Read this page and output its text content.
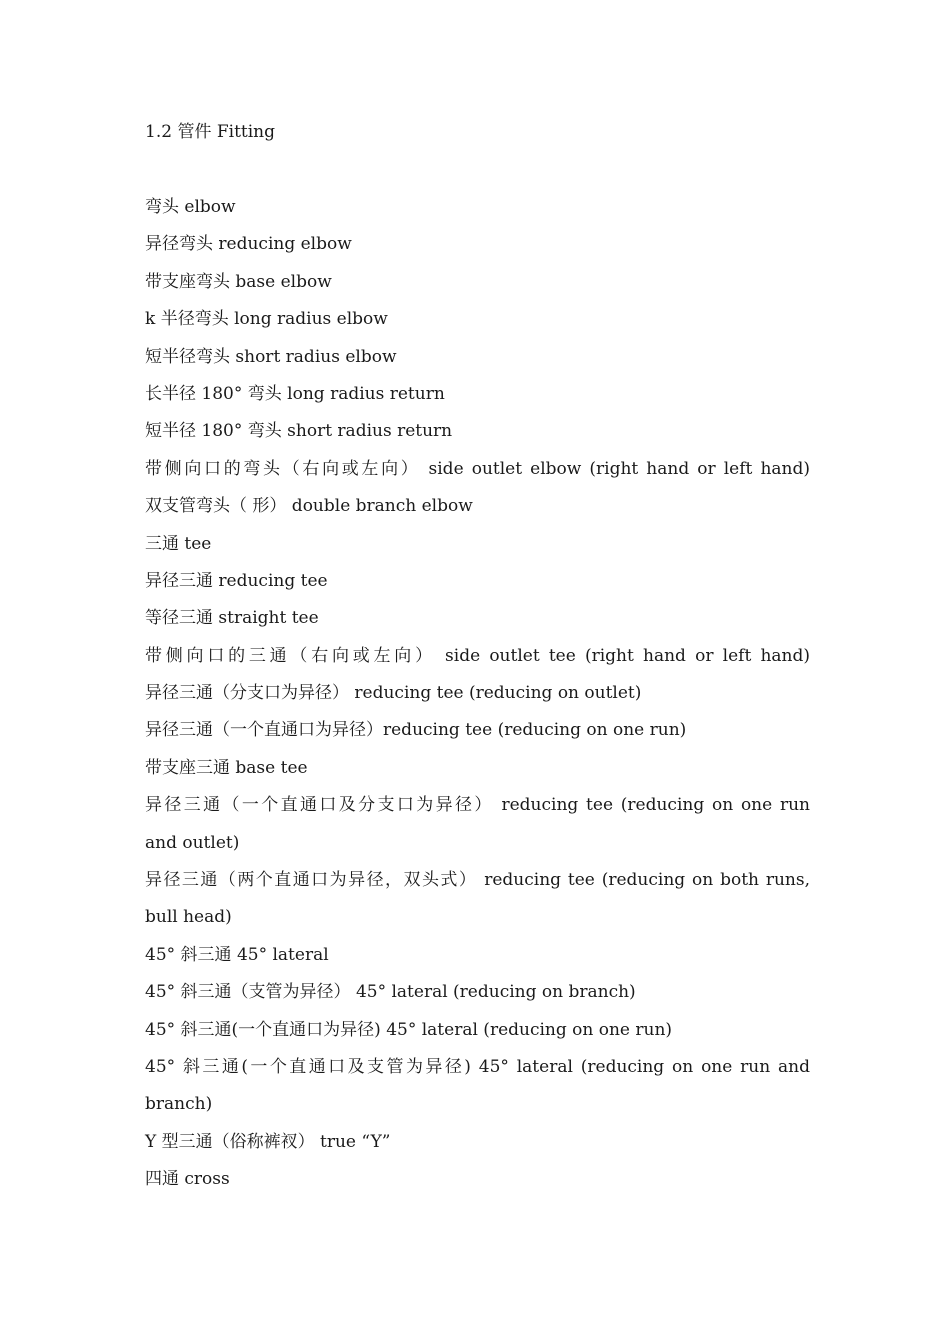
1.2 管件 Fitting
弯头 elbow
异径弯头 reducing elbow
带支座弯头 base elbow
k 半径弯头 long radius elbow
短半径弯头 short radius elbow
长半径 180° 弯头 long radius return
短半径 180° 弯头 short radius return
带侧向口的弯头（右向或左向） side outlet elbow (right hand or left hand)
双支管弯头（ 形） double branch elbow
三通 tee
异径三通 reducing tee
等径三通 straight tee
带侧向口的三通（右向或左向） side outlet tee (right hand or left hand)
异径三通（分支口为异径） reducing tee (reducing on outlet)
异径三通（一个直通口为异径）reducing tee (reducing on one run)
带支座三通 base tee
异径三通（一个直通口及分支口为异径） reducing tee (reducing on one run
and outlet)
异径三通（两个直通口为异径，双头式） reducing tee (reducing on both runs,
bull head)
45° 斜三通 45° lateral
45° 斜三通（支管为异径） 45° lateral (reducing on branch)
45° 斜三通(一个直通口为异径) 45° lateral (reducing on one run)
45° 斜三通(一个直通口及支管为异径) 45° lateral (reducing on one run and
branch)
Y 型三通（俗称裤衩） true “Y”
四通 cross
